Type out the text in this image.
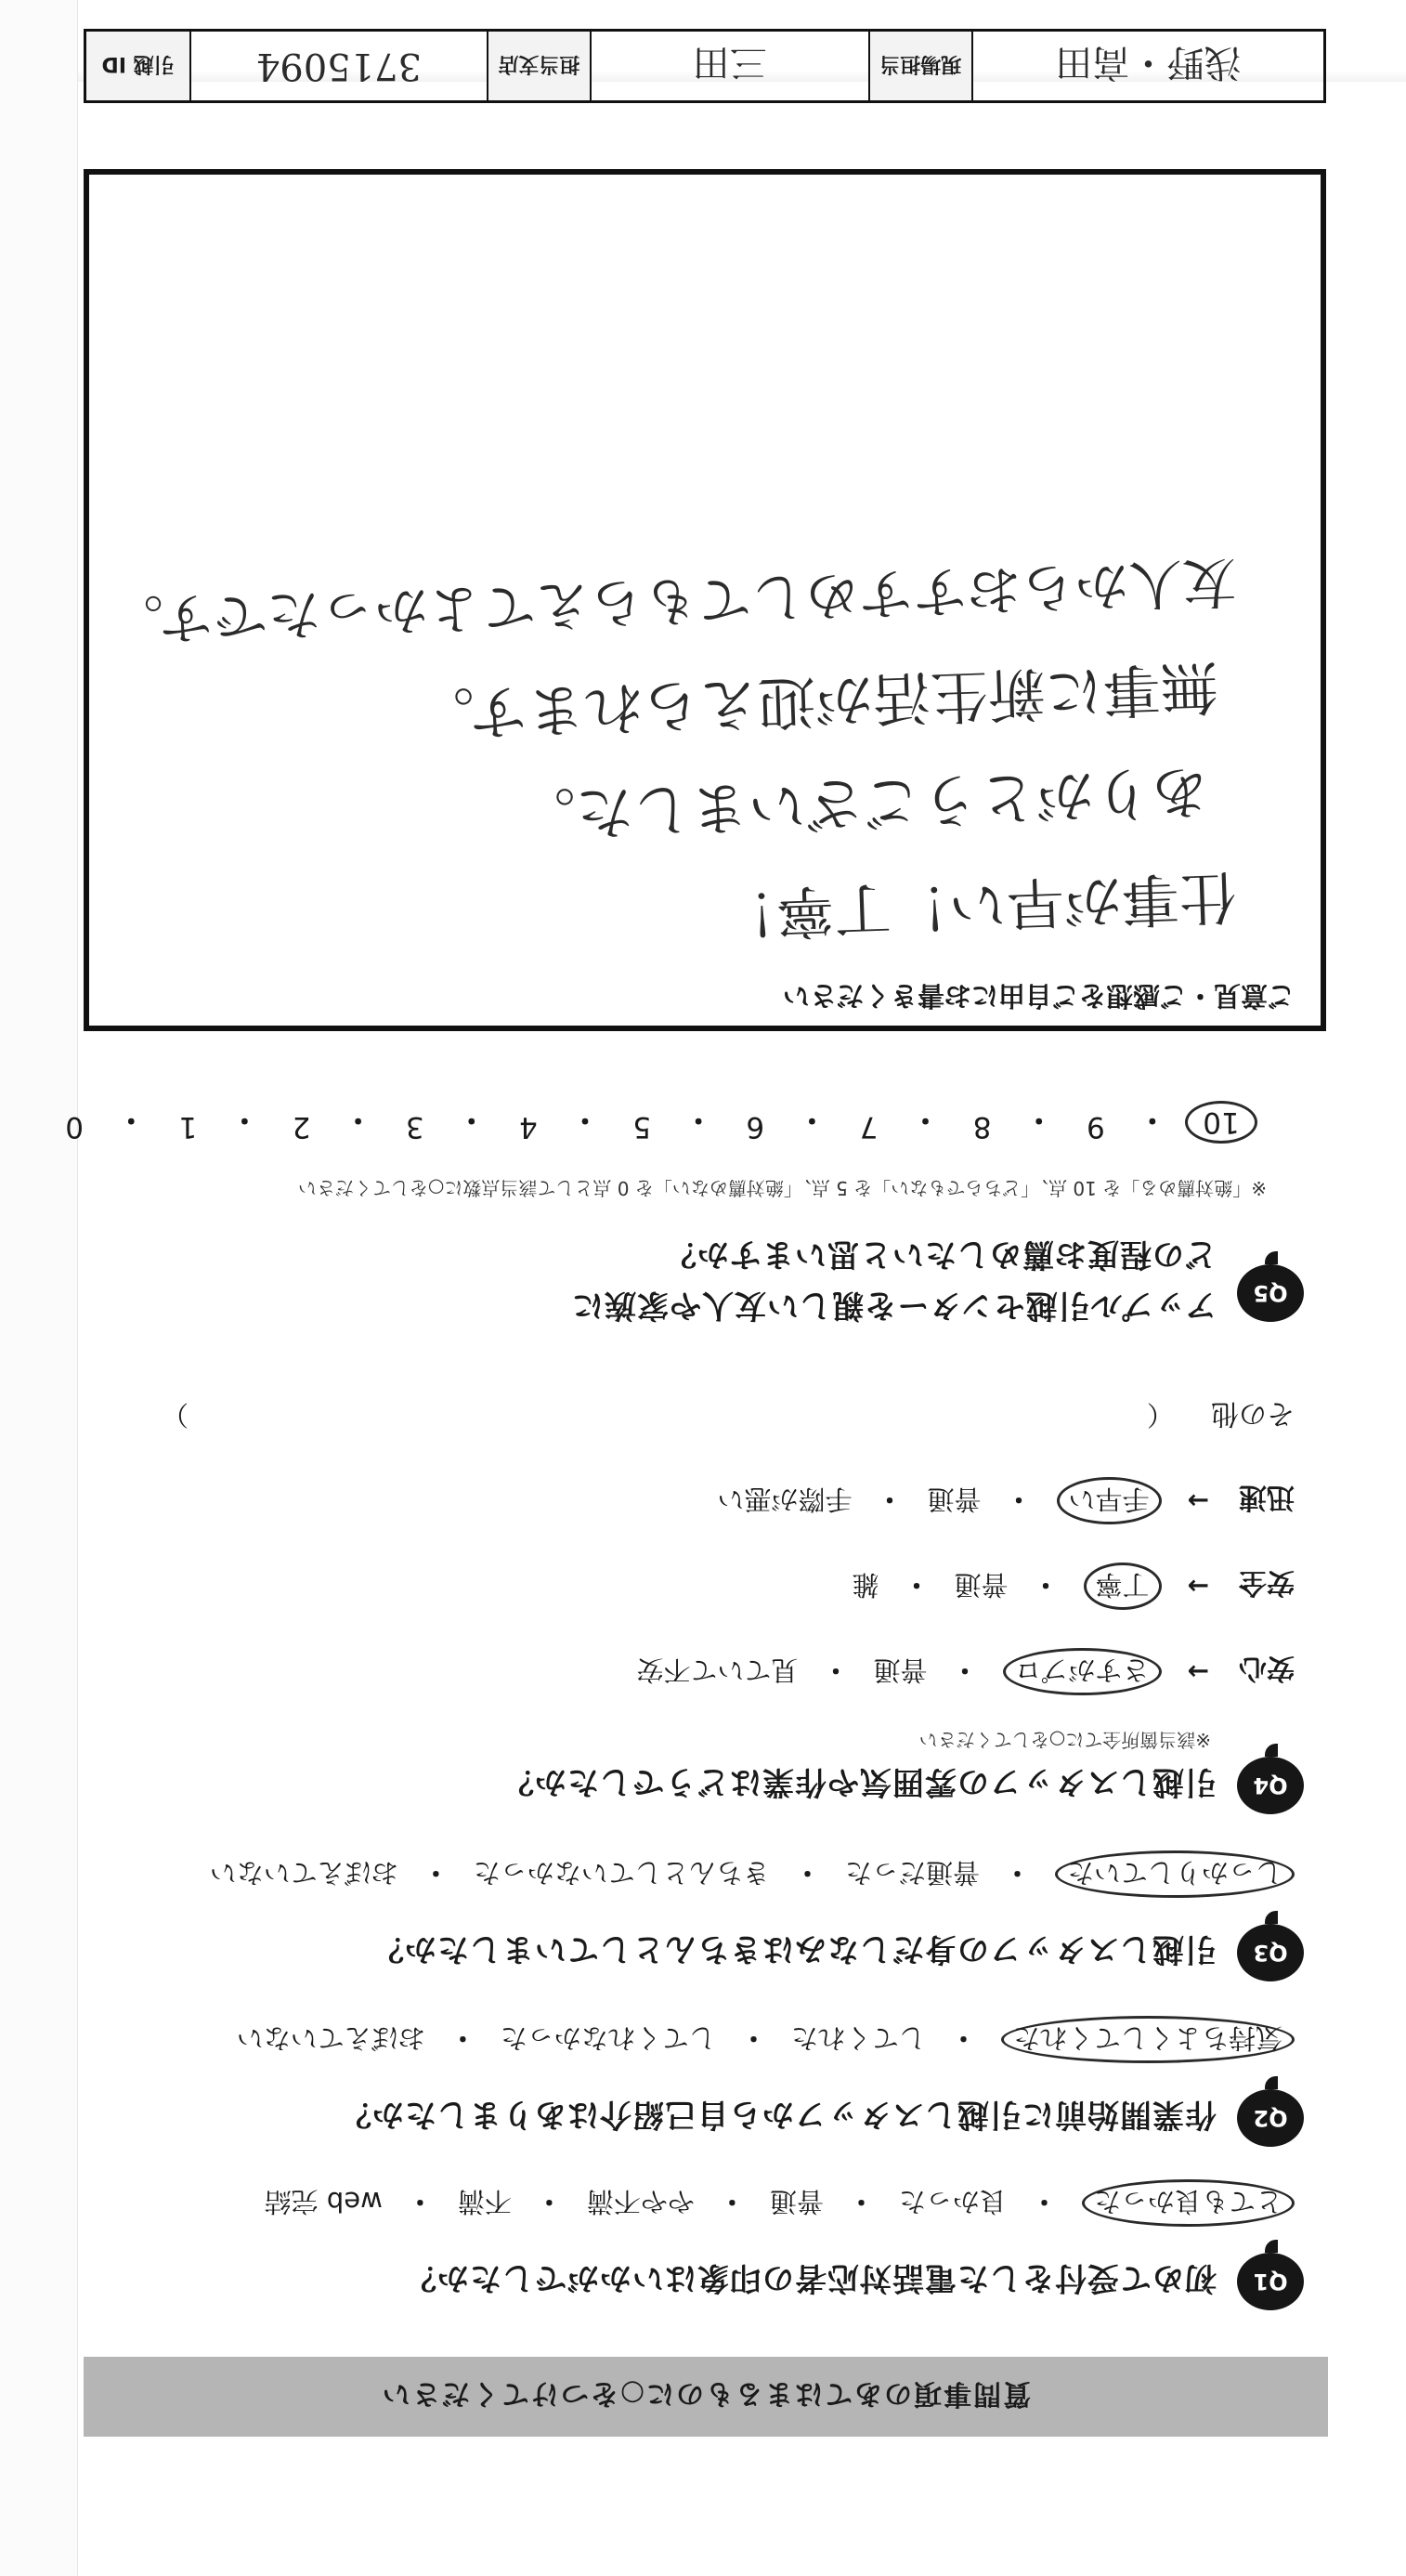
質問事項のあてはまるものに○をつけてください
Q1
初めて受付をした電話対応者の印象はいかがでしたか？
とても良かった
・
良かった
・
普通
・
やや不満
・
不満
・
web 完結
Q2
作業開始前に引越しスタッフから自己紹介はありましたか？
気持ちよくしてくれた
・
してくれた
・
してくれなかった
・
おぼえていない
Q3
引越しスタッフの身だしなみはきちんとしていましたか？
しっかりしていた
・
普通だった
・
きちんとしていなかった
・
おぼえていない
Q4
引越しスタッフの雰囲気や作業はどうでしたか？
※該当箇所全てに○をしてください
安心
→
さすがプロ
・
普通
・
見ていて不安
安全
→
丁寧
・
普通
・
雑
迅速
→
手早い
・
普通
・
手際が悪い
その他
（
）
Q5
アップル引越センターを親しい友人や家族に
どの程度お薦めしたいと思いますか？
※「絶対薦める」を 10 点、「どちらでもない」を 5 点、「絶対薦めない」を 0 点として該当点数に○をしてください
10
・
9
・
8
・
7
・
6
・
5
・
4
・
3
・
2
・
1
・
0
ご意見・ご感想をご自由にお書きください
仕事が早い！丁寧！
ありがとうございました。
無事に新生活が迎えられます。
友人からおすすめしてもらえてよかったです。
浅野・高田
現場担当
三田
担当支店
3715094
引越 ID
